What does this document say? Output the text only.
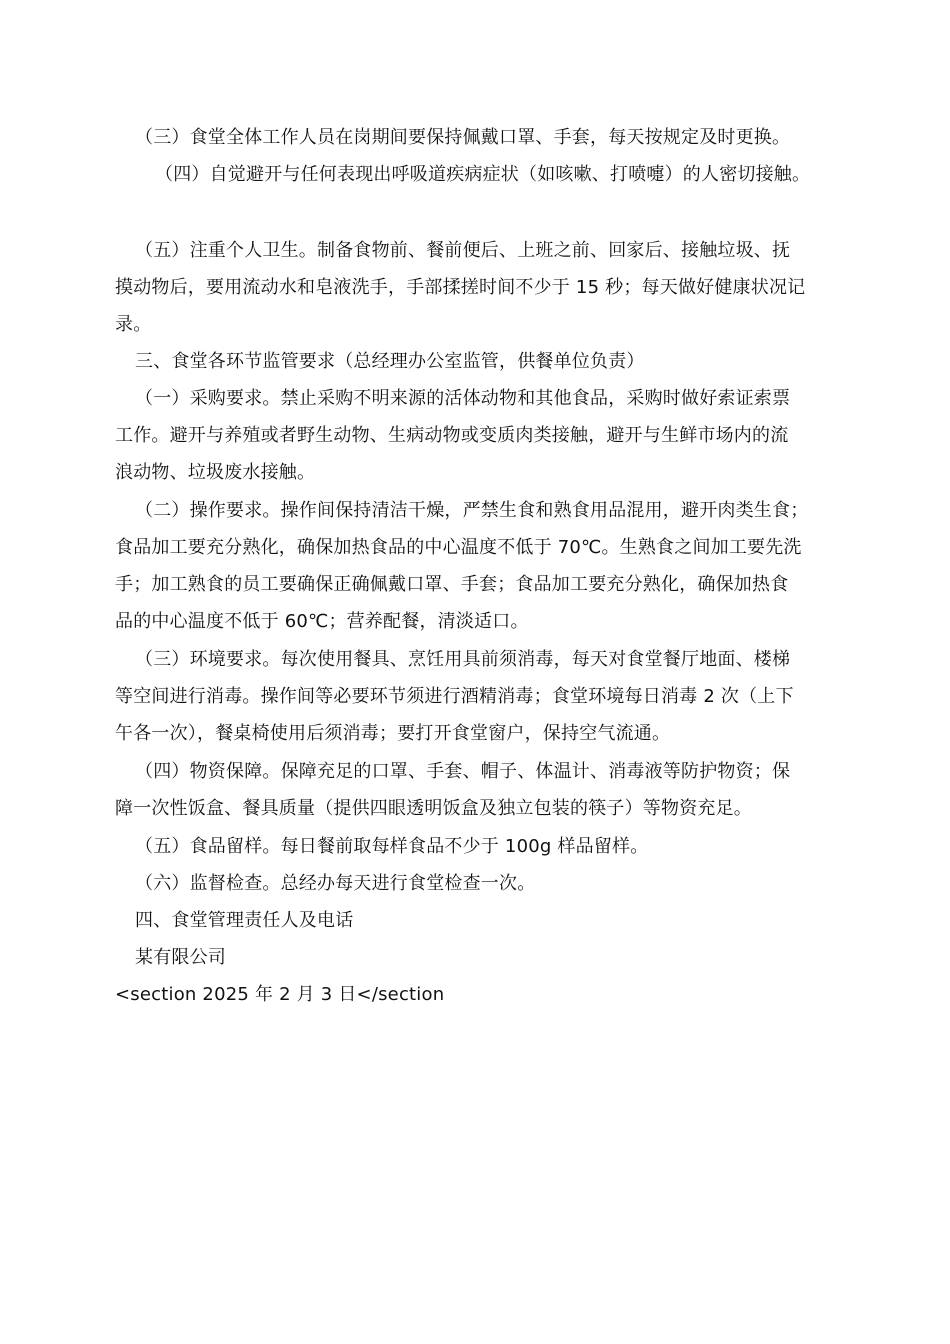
（三）食堂全体工作人员在岗期间要保持佩戴口罩、手套，每天按规定及时更换。
（四）自觉避开与任何表现出呼吸道疾病症状（如咳嗽、打喷嚏）的人密切接触。
（五）注重个人卫生。制备食物前、餐前便后、上班之前、回家后、接触垃圾、抚
摸动物后，要用流动水和皂液洗手，手部揉搓时间不少于 15 秒；每天做好健康状况记
录。
三、食堂各环节监管要求（总经理办公室监管，供餐单位负责）
（一）采购要求。禁止采购不明来源的活体动物和其他食品，采购时做好索证索票
工作。避开与养殖或者野生动物、生病动物或变质肉类接触，避开与生鲜市场内的流
浪动物、垃圾废水接触。
（二）操作要求。操作间保持清洁干燥，严禁生食和熟食用品混用，避开肉类生食；
食品加工要充分熟化，确保加热食品的中心温度不低于 70℃。生熟食之间加工要先洗
手；加工熟食的员工要确保正确佩戴口罩、手套；食品加工要充分熟化，确保加热食
品的中心温度不低于 60℃；营养配餐，清淡适口。
（三）环境要求。每次使用餐具、烹饪用具前须消毒，每天对食堂餐厅地面、楼梯
等空间进行消毒。操作间等必要环节须进行酒精消毒；食堂环境每日消毒 2 次（上下
午各一次），餐桌椅使用后须消毒；要打开食堂窗户，保持空气流通。
（四）物资保障。保障充足的口罩、手套、帽子、体温计、消毒液等防护物资；保
障一次性饭盒、餐具质量（提供四眼透明饭盒及独立包装的筷子）等物资充足。
（五）食品留样。每日餐前取每样食品不少于 100g 样品留样。
（六）监督检查。总经办每天进行食堂检查一次。
四、食堂管理责任人及电话
某有限公司
<section 2025 年 2 月 3 日</section
